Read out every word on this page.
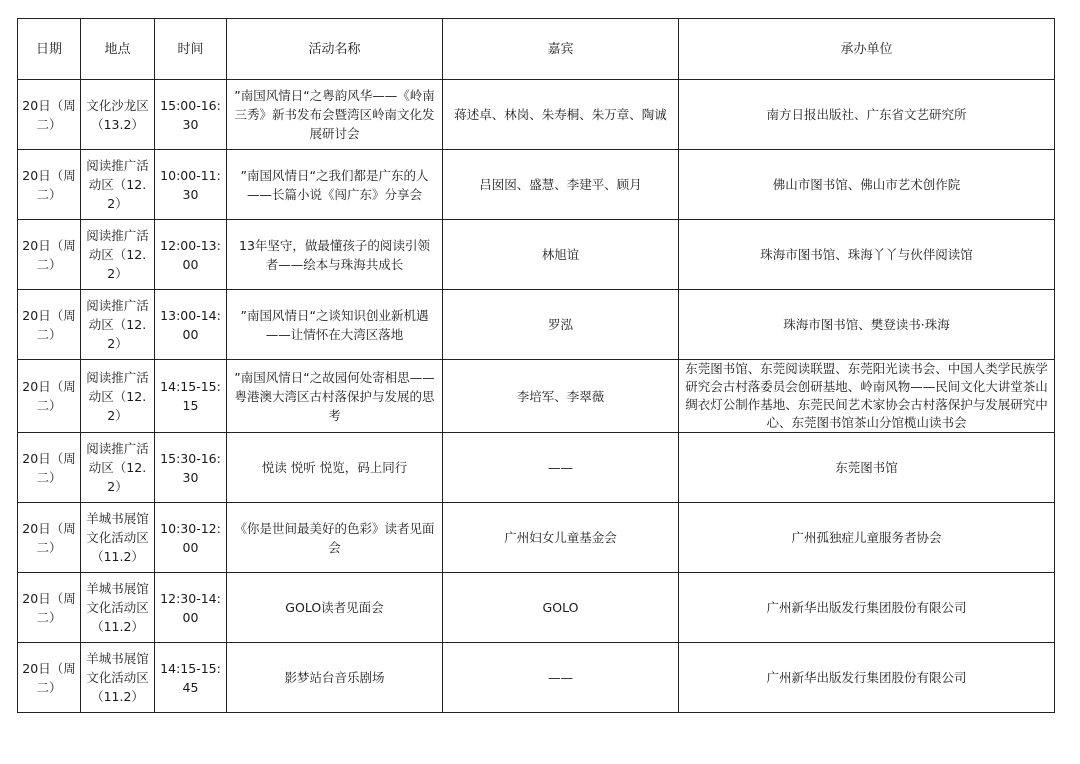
日期	地点	时间	活动名称	嘉宾	承办单位
20日（周二）	文化沙龙区（13.2）	15:00-16:30	”南国风情日“之粤韵风华——《岭南三秀》新书发布会暨湾区岭南文化发展研讨会	蒋述卓、林岗、朱寿桐、朱万章、陶诚	南方日报出版社、广东省文艺研究所
20日（周二）	阅读推广活动区（12.2）	10:00-11:30	”南国风情日“之我们都是广东的人——长篇小说《闯广东》分享会	吕囡囡、盛慧、李建平、顾月	佛山市图书馆、佛山市艺术创作院
20日（周二）	阅读推广活动区（12.2）	12:00-13:00	13年坚守，做最懂孩子的阅读引领者——绘本与珠海共成长	林旭谊	珠海市图书馆、珠海丫丫与伙伴阅读馆
20日（周二）	阅读推广活动区（12.2）	13:00-14:00	”南国风情日“之谈知识创业新机遇——让情怀在大湾区落地	罗泓	珠海市图书馆、樊登读书·珠海
20日（周二）	阅读推广活动区（12.2）	14:15-15:15	”南国风情日“之故园何处寄相思——粤港澳大湾区古村落保护与发展的思考	李培军、李翠薇	东莞图书馆、东莞阅读联盟、东莞阳光读书会、中国人类学民族学研究会古村落委员会创研基地、岭南风物——民间文化大讲堂茶山绸衣灯公制作基地、东莞民间艺术家协会古村落保护与发展研究中心、东莞图书馆茶山分馆榄山读书会
20日（周二）	阅读推广活动区（12.2）	15:30-16:30	悦读 悦听 悦览，码上同行	——	东莞图书馆
20日（周二）	羊城书展馆文化活动区（11.2）	10:30-12:00	《你是世间最美好的色彩》读者见面会	广州妇女儿童基金会	广州孤独症儿童服务者协会
20日（周二）	羊城书展馆文化活动区（11.2）	12:30-14:00	GOLO读者见面会	GOLO	广州新华出版发行集团股份有限公司
20日（周二）	羊城书展馆文化活动区（11.2）	14:15-15:45	影梦站台音乐剧场	——	广州新华出版发行集团股份有限公司
